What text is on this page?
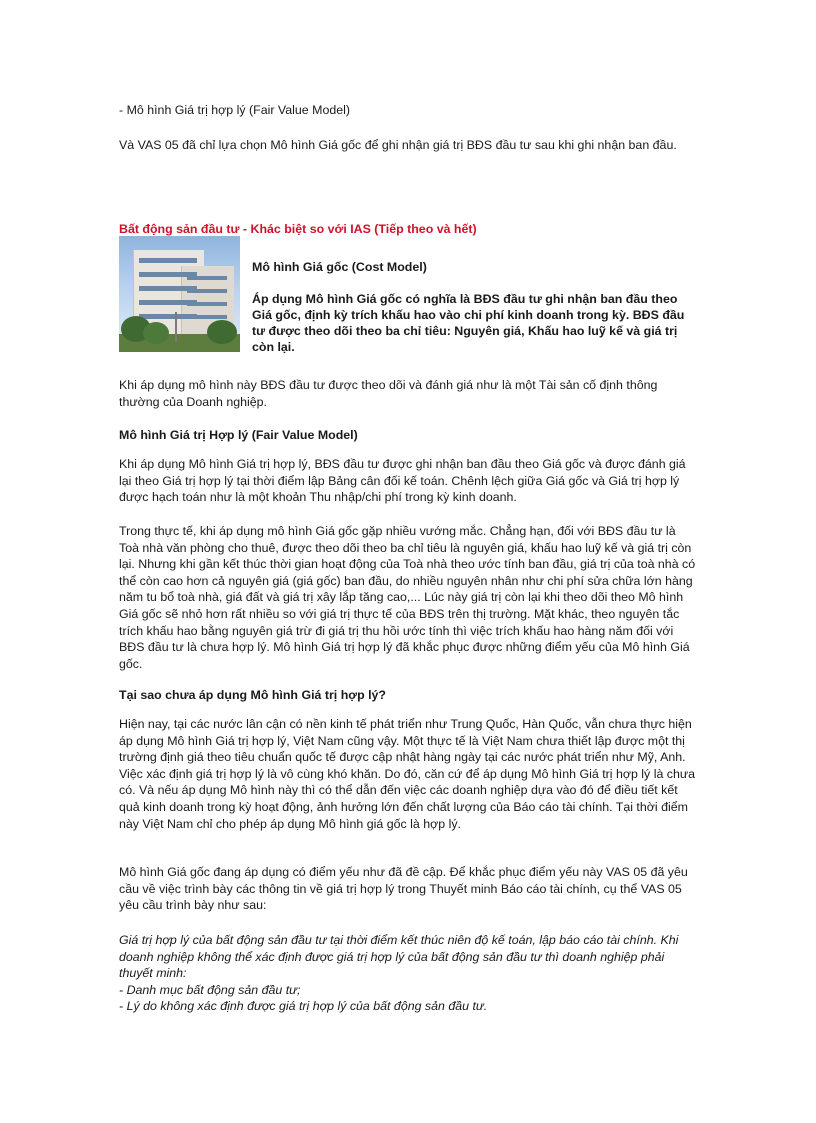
- Mô hình Giá trị hợp lý (Fair Value Model)

Và VAS 05 đã chỉ lựa chọn Mô hình Giá gốc để ghi nhận giá trị BĐS đầu tư sau khi ghi nhận ban đầu.

Bất động sản đầu tư - Khác biệt so với IAS (Tiếp theo và hết)

Mô hình Giá gốc (Cost Model)

Áp dụng Mô hình Giá gốc có nghĩa là BĐS đầu tư ghi nhận ban đầu theo Giá gốc, định kỳ trích khấu hao vào chi phí kinh doanh trong kỳ. BĐS đầu tư được theo dõi theo ba chỉ tiêu: Nguyên giá, Khấu hao luỹ kế và giá trị còn lại.

Khi áp dụng mô hình này BĐS đầu tư được theo dõi và đánh giá như là một Tài sản cố định thông thường của Doanh nghiệp.

Mô hình Giá trị Hợp lý (Fair Value Model)

Khi áp dụng Mô hình Giá trị hợp lý, BĐS đầu tư được ghi nhận ban đầu theo Giá gốc và được đánh giá lại theo Giá trị hợp lý tại thời điểm lập Bảng cân đối kế toán. Chênh lệch giữa Giá gốc và Giá trị hợp lý được hạch toán như là một khoản Thu nhập/chi phí trong kỳ kinh doanh.

Trong thực tế, khi áp dụng mô hình Giá gốc gặp nhiều vướng mắc. Chẳng hạn, đối với BĐS đầu tư là Toà nhà văn phòng cho thuê, được theo dõi theo ba chỉ tiêu là nguyên giá, khấu hao luỹ kế và giá trị còn lại. Nhưng khi gần kết thúc thời gian hoạt động của Toà nhà theo ước tính ban đầu, giá trị của toà nhà có thể còn cao hơn cả nguyên giá (giá gốc) ban đầu, do nhiều nguyên nhân như chi phí sửa chữa lớn hàng năm tu bổ toà nhà, giá đất và giá trị xây lắp tăng cao,... Lúc này giá trị còn lại khi theo dõi theo Mô hình Giá gốc sẽ nhỏ hơn rất nhiều so với giá trị thực tế của BĐS trên thị trường. Mặt khác, theo nguyên tắc trích khấu hao bằng nguyên giá trừ đi giá trị thu hồi ước tính thì việc trích khấu hao hàng năm đối với BĐS đầu tư là chưa hợp lý. Mô hình Giá trị hợp lý đã khắc phục được những điểm yếu của Mô hình Giá gốc.

Tại sao chưa áp dụng Mô hình Giá trị hợp lý?

Hiện nay, tại các nước lân cận có nền kinh tế phát triển như Trung Quốc, Hàn Quốc, vẫn chưa thực hiện áp dụng Mô hình Giá trị hợp lý, Việt Nam cũng vậy. Một thực tế là Việt Nam chưa thiết lập được một thị trường định giá theo tiêu chuẩn quốc tế được cập nhật hàng ngày tại các nước phát triển như Mỹ, Anh. Việc xác định giá trị hợp lý là vô cùng khó khăn. Do đó, căn cứ để áp dụng Mô hình Giá trị hợp lý là chưa có. Và nếu áp dụng Mô hình này thì có thể dẫn đến việc các doanh nghiệp dựa vào đó để điều tiết kết quả kinh doanh trong kỳ hoạt động, ảnh hưởng lớn đến chất lượng của Báo cáo tài chính. Tại thời điểm này Việt Nam chỉ cho phép áp dụng Mô hình giá gốc là hợp lý.

Mô hình Giá gốc đang áp dụng có điểm yếu như đã đề cập. Để khắc phục điểm yếu này VAS 05 đã yêu cầu về việc trình bày các thông tin về giá trị hợp lý trong Thuyết minh Báo cáo tài chính, cụ thể VAS 05 yêu cầu trình bày như sau:

Giá trị hợp lý của bất động sản đầu tư tại thời điểm kết thúc niên độ kế toán, lập báo cáo tài chính. Khi doanh nghiệp không thể xác định được giá trị hợp lý của bất động sản đầu tư thì doanh nghiệp phải thuyết minh:

- Danh mục bất động sản đầu tư;

- Lý do không xác định được giá trị hợp lý của bất động sản đầu tư.
